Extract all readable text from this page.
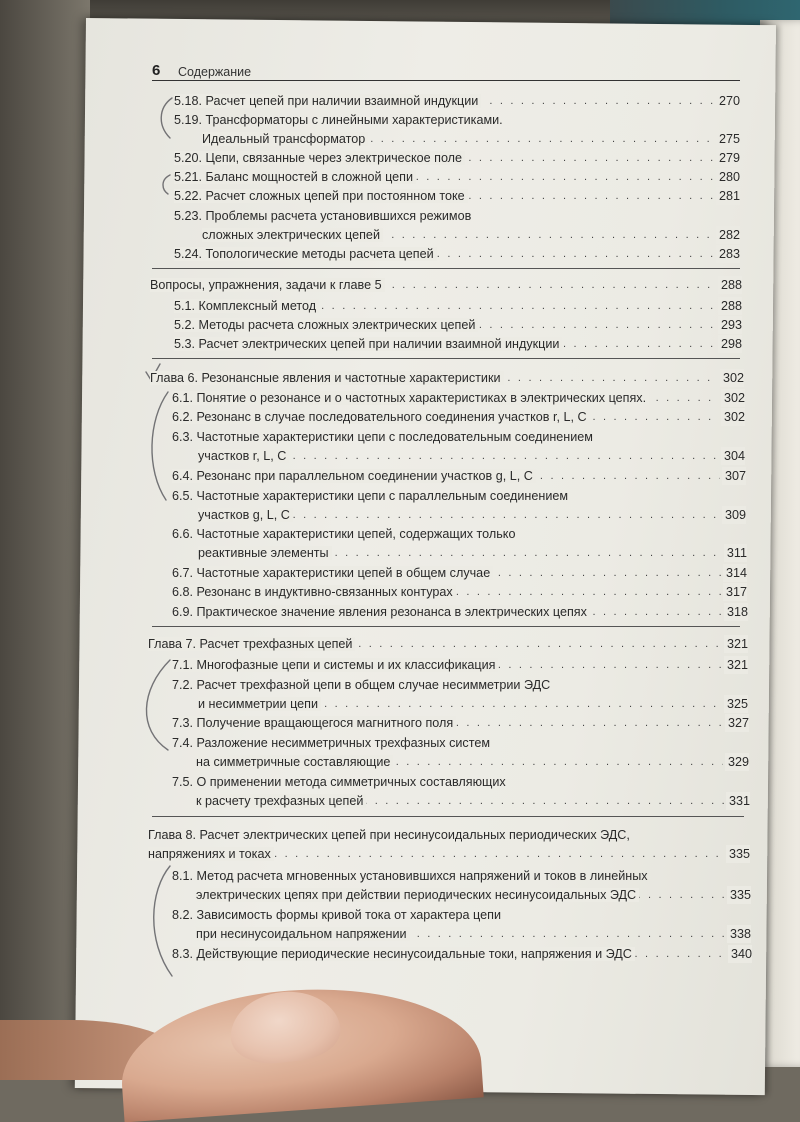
6 Содержание
. . .
5.18. Расчет цепей при наличии взаимной индукции	270
5.19. Трансформаторы с линейными характеристиками.
. . .
Идеальный трансформатор	275
. . .
5.20. Цепи, связанные через электрическое поле	279
. . .
5.21. Баланс мощностей в сложной цепи	280
. . .
5.22. Расчет сложных цепей при постоянном токе	281
5.23. Проблемы расчета установившихся режимов
. . .
сложных электрических цепей	282
. . .
5.24. Топологические методы расчета цепей	283
. . .
Вопросы, упражнения, задачи к главе 5	288
. . .
5.1. Комплексный метод	288
. . .
5.2. Методы расчета сложных электрических цепей	293
. . .
5.3. Расчет электрических цепей при наличии взаимной индукции	298
. . .
Глава 6. Резонансные явления и частотные характеристики	302
. . .
6.1. Понятие о резонансе и о частотных характеристиках в электрических цепях.	302
. . .
6.2. Резонанс в случае последовательного соединения участков r, L, C	302
6.3. Частотные характеристики цепи с последовательным соединением
. . .
участков r, L, C	304
. . .
6.4. Резонанс при параллельном соединении участков g, L, C	307
6.5. Частотные характеристики цепи с параллельным соединением
. . .
участков g, L, C	309
6.6. Частотные характеристики цепей, содержащих только
. . .
реактивные элементы	311
. . .
6.7. Частотные характеристики цепей в общем случае	314
. . .
6.8. Резонанс в индуктивно-связанных контурах	317
. . .
6.9. Практическое значение явления резонанса в электрических цепях	318
. . .
Глава 7. Расчет трехфазных цепей	321
. . .
7.1. Многофазные цепи и системы и их классификация	321
7.2. Расчет трехфазной цепи в общем случае несимметрии ЭДС
. . .
и несимметрии цепи	325
. . .
7.3. Получение вращающегося магнитного поля	327
7.4. Разложение несимметричных трехфазных систем
. . .
на симметричные составляющие	329
7.5. О применении метода симметричных составляющих
. . .
к расчету трехфазных цепей	331
Глава 8. Расчет электрических цепей при несинусоидальных периодических ЭДС,
. . .
напряжениях и токах	335
8.1. Метод расчета мгновенных установившихся напряжений и токов в линейных
. . .
электрических цепях при действии периодических несинусоидальных ЭДС	335
8.2. Зависимость формы кривой тока от характера цепи
. . .
при несинусоидальном напряжении	338
. . .
8.3. Действующие периодические несинусоидальные токи, напряжения и ЭДС	340
